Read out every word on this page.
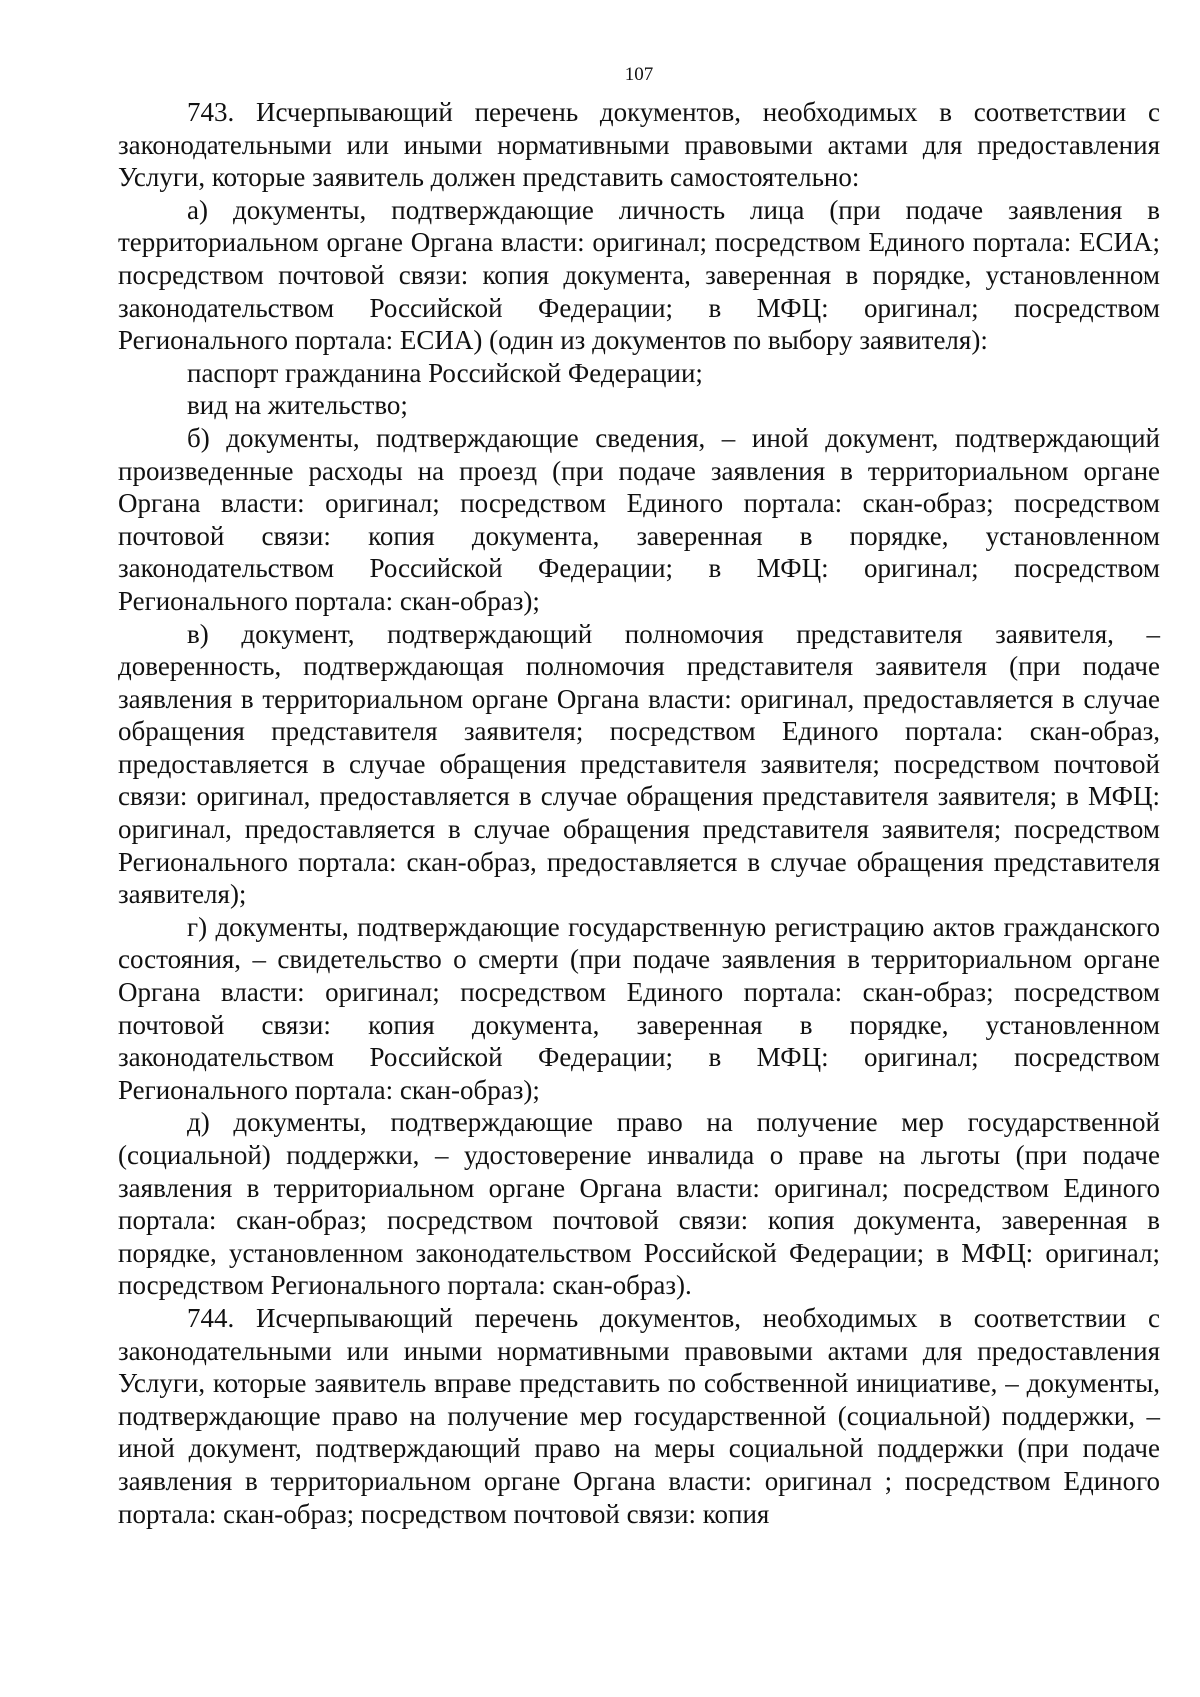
107

743. Исчерпывающий перечень документов, необходимых в соответствии с законодательными или иными нормативными правовыми актами для предоставления Услуги, которые заявитель должен представить самостоятельно:

а) документы, подтверждающие личность лица (при подаче заявления в территориальном органе Органа власти: оригинал; посредством Единого портала: ЕСИА; посредством почтовой связи: копия документа, заверенная в порядке, установленном законодательством Российской Федерации; в МФЦ: оригинал; посредством Регионального портала: ЕСИА) (один из документов по выбору заявителя):

паспорт гражданина Российской Федерации;

вид на жительство;

б) документы, подтверждающие сведения, – иной документ, подтверждающий произведенные расходы на проезд (при подаче заявления в территориальном органе Органа власти: оригинал; посредством Единого портала: скан-образ; посредством почтовой связи: копия документа, заверенная в порядке, установленном законодательством Российской Федерации; в МФЦ: оригинал; посредством Регионального портала: скан-образ);

в) документ, подтверждающий полномочия представителя заявителя, – доверенность, подтверждающая полномочия представителя заявителя (при подаче заявления в территориальном органе Органа власти: оригинал, предоставляется в случае обращения представителя заявителя; посредством Единого портала: скан-образ, предоставляется в случае обращения представителя заявителя; посредством почтовой связи: оригинал, предоставляется в случае обращения представителя заявителя; в МФЦ: оригинал, предоставляется в случае обращения представителя заявителя; посредством Регионального портала: скан-образ, предоставляется в случае обращения представителя заявителя);

г) документы, подтверждающие государственную регистрацию актов гражданского состояния, – свидетельство о смерти (при подаче заявления в территориальном органе Органа власти: оригинал; посредством Единого портала: скан-образ; посредством почтовой связи: копия документа, заверенная в порядке, установленном законодательством Российской Федерации; в МФЦ: оригинал; посредством Регионального портала: скан-образ);

д) документы, подтверждающие право на получение мер государственной (социальной) поддержки, – удостоверение инвалида о праве на льготы (при подаче заявления в территориальном органе Органа власти: оригинал; посредством Единого портала: скан-образ; посредством почтовой связи: копия документа, заверенная в порядке, установленном законодательством Российской Федерации; в МФЦ: оригинал; посредством Регионального портала: скан-образ).

744. Исчерпывающий перечень документов, необходимых в соответствии с законодательными или иными нормативными правовыми актами для предоставления Услуги, которые заявитель вправе представить по собственной инициативе, – документы, подтверждающие право на получение мер государственной (социальной) поддержки, – иной документ, подтверждающий право на меры социальной поддержки (при подаче заявления в территориальном органе Органа власти: оригинал ; посредством Единого портала: скан-образ; посредством почтовой связи: копия
